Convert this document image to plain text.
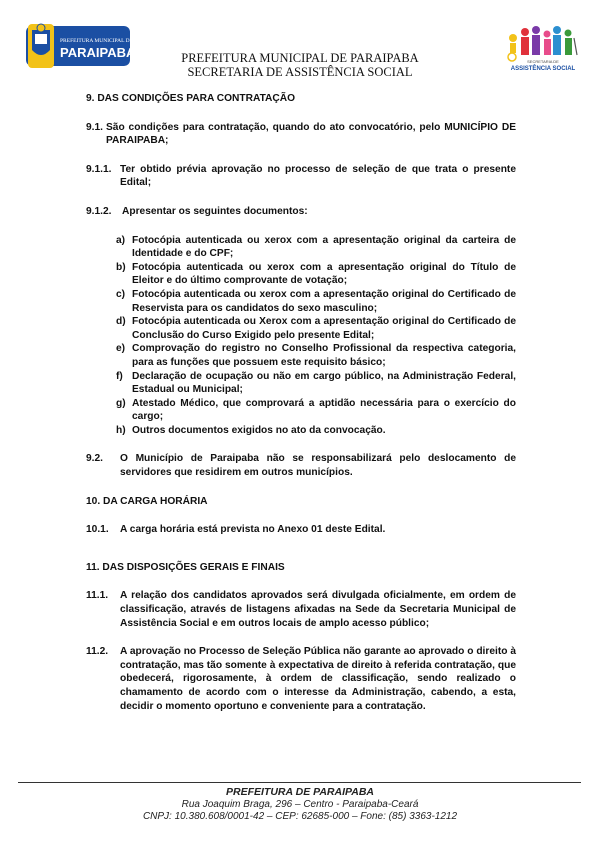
PREFEITURA MUNICIPAL DE
PARAIPABA	PREFEITURA MUNICIPAL DE PARAIPABA
SECRETARIA DE ASSISTÊNCIA SOCIAL
SECRETARIA DE
ASSISTÊNCIA SOCIAL

9. DAS CONDIÇÕES PARA CONTRATAÇÃO

9.1. São condições para contratação, quando do ato convocatório, pelo MUNICÍPIO DE PARAIPABA;
9.1.1. Ter obtido prévia aprovação no processo de seleção de que trata o presente Edital;
9.1.2.	Apresentar os seguintes documentos:
a) Fotocópia autenticada ou xerox com a apresentação original da carteira de Identidade e do CPF;
b) Fotocópia autenticada ou xerox com a apresentação original do Título de Eleitor e do último comprovante de votação;
c) Fotocópia autenticada ou xerox com a apresentação original do Certificado de Reservista para os candidatos do sexo masculino;
d) Fotocópia autenticada ou Xerox com a apresentação original do Certificado de Conclusão do Curso Exigido pelo presente Edital;
e) Comprovação do registro no Conselho Profissional da respectiva categoria, para as funções que possuem este requisito básico;
f) Declaração de ocupação ou não em cargo público, na Administração Federal, Estadual ou Municipal;
g) Atestado Médico, que comprovará a aptidão necessária para o exercício do cargo;
h) Outros documentos exigidos no ato da convocação.
9.2.	O Município de Paraipaba não se responsabilizará pelo deslocamento de servidores que residirem em outros municípios.

10. DA CARGA HORÁRIA

10.1.	A carga horária está prevista no Anexo 01 deste Edital.

11. DAS DISPOSIÇÕES GERAIS E FINAIS

11.1.	A relação dos candidatos aprovados será divulgada oficialmente, em ordem de classificação, através de listagens afixadas na Sede da Secretaria Municipal de Assistência Social e em outros locais de amplo acesso público;
11.2.	A aprovação no Processo de Seleção Pública não garante ao aprovado o direito à contratação, mas tão somente à expectativa de direito à referida contratação, que obedecerá, rigorosamente, à ordem de classificação, sendo realizado o chamamento de acordo com o interesse da Administração, cabendo, a esta, decidir o momento oportuno e conveniente para a contratação.
PREFEITURA DE PARAIPABA
Rua Joaquim Braga, 296 – Centro - Paraipaba-Ceará
CNPJ: 10.380.608/0001-42 – CEP: 62685-000 – Fone: (85) 3363-1212
